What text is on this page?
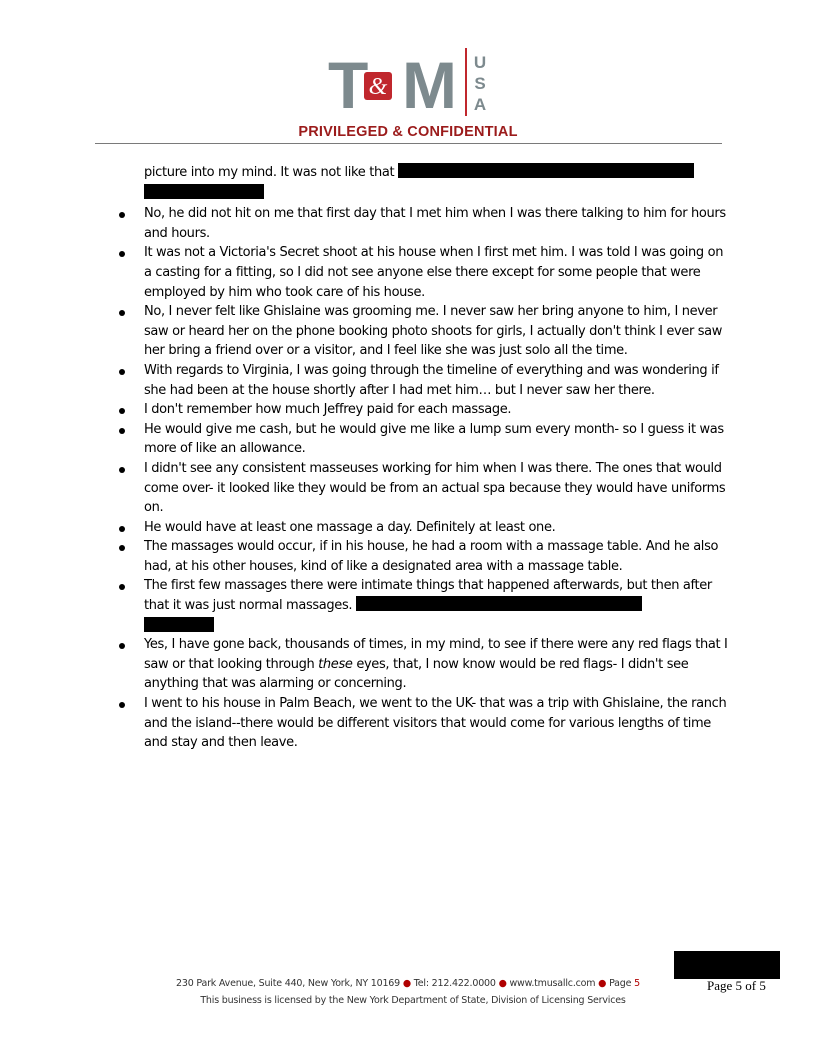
T M
&
U
S
A
PRIVILEGED & CONFIDENTIAL
picture into my mind. It was not like that

No, he did not hit on me that first day that I met him when I was there talking to him for hours and hours.
It was not a Victoria's Secret shoot at his house when I first met him. I was told I was going on a casting for a fitting, so I did not see anyone else there except for some people that were employed by him who took care of his house.
No, I never felt like Ghislaine was grooming me. I never saw her bring anyone to him, I never saw or heard her on the phone booking photo shoots for girls, I actually don't think I ever saw her bring a friend over or a visitor, and I feel like she was just solo all the time.
With regards to Virginia, I was going through the timeline of everything and was wondering if she had been at the house shortly after I had met him… but I never saw her there.
I don't remember how much Jeffrey paid for each massage.
He would give me cash, but he would give me like a lump sum every month- so I guess it was more of like an allowance.
I didn't see any consistent masseuses working for him when I was there. The ones that would come over- it looked like they would be from an actual spa because they would have uniforms on.
He would have at least one massage a day. Definitely at least one.
The massages would occur, if in his house, he had a room with a massage table. And he also had, at his other houses, kind of like a designated area with a massage table.
The first few massages there were intimate things that happened afterwards, but then after that it was just normal massages.

Yes, I have gone back, thousands of times, in my mind, to see if there were any red flags that I saw or that looking through these eyes, that, I now know would be red flags- I didn't see anything that was alarming or concerning.
I went to his house in Palm Beach, we went to the UK- that was a trip with Ghislaine, the ranch and the island--there would be different visitors that would come for various lengths of time and stay and then leave.
Page 5 of 5
230 Park Avenue, Suite 440, New York, NY 10169 ● Tel: 212.422.0000 ● www.tmusallc.com ● Page 5
This business is licensed by the New York Department of State, Division of Licensing Services
